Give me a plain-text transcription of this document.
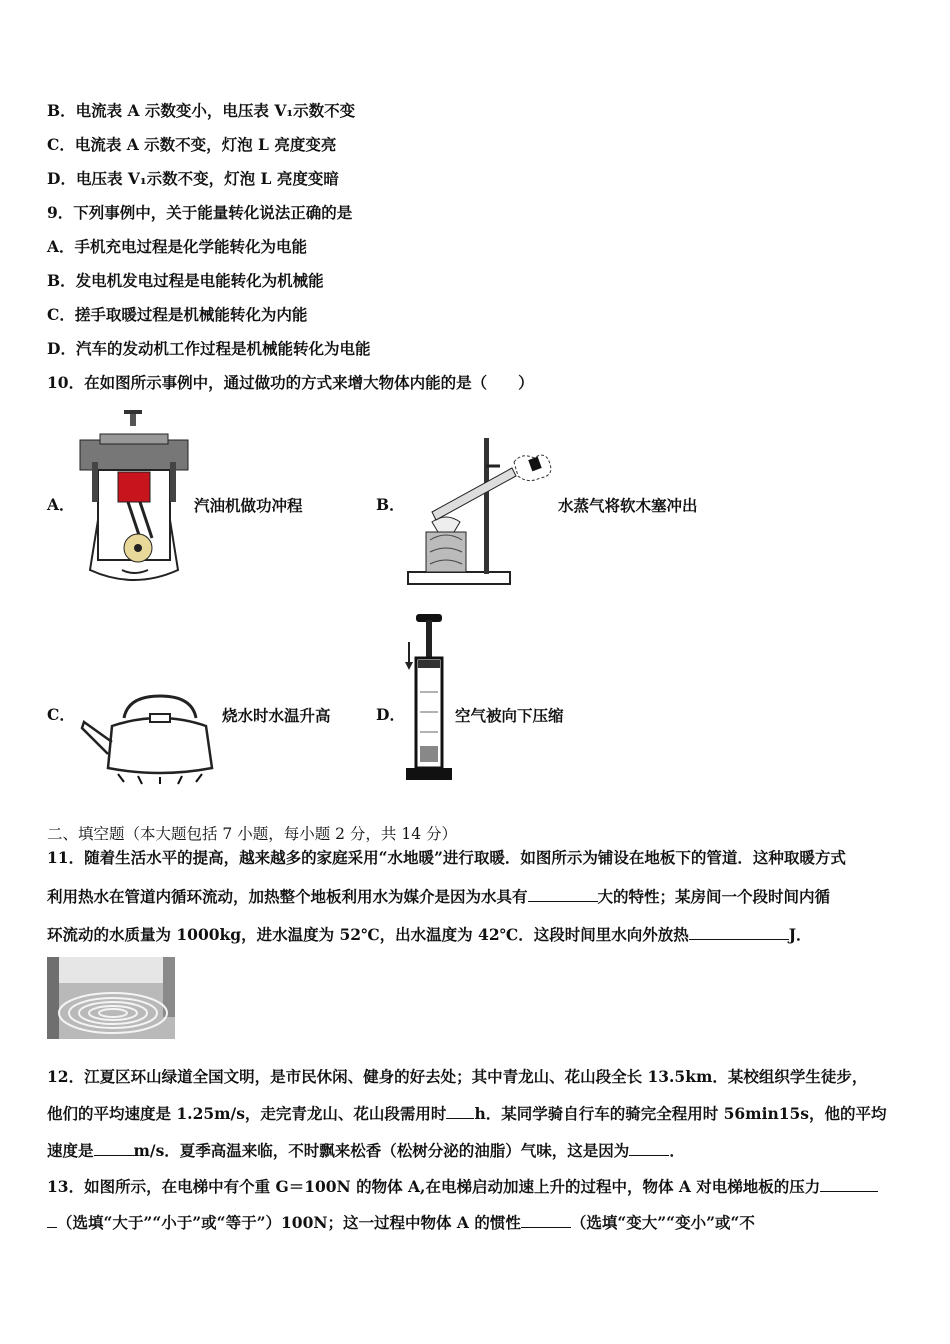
B．电流表 A 示数变小，电压表 V₁示数不变
C．电流表 A 示数不变，灯泡 L 亮度变亮
D．电压表 V₁示数不变，灯泡 L 亮度变暗
9．下列事例中，关于能量转化说法正确的是
A．手机充电过程是化学能转化为电能
B．发电机发电过程是电能转化为机械能
C．搓手取暖过程是机械能转化为内能
D．汽车的发动机工作过程是机械能转化为电能
10．在如图所示事例中，通过做功的方式来增大物体内能的是（　　）
A．	汽油机做功冲程	B．	水蒸气将软木塞冲出
C．	烧水时水温升高	D．	空气被向下压缩
二、填空题（本大题包括 7 小题，每小题 2 分，共 14 分）
11．随着生活水平的提高，越来越多的家庭采用“水地暖”进行取暖．如图所示为铺设在地板下的管道．这种取暖方式
利用热水在管道内循环流动，加热整个地板利用水为媒介是因为水具有	大的特性；某房间一个段时间内循
环流动的水质量为 1000kg，进水温度为 52℃，出水温度为 42℃．这段时间里水向外放热	J．
12．江夏区环山绿道全国文明，是市民休闲、健身的好去处；其中青龙山、花山段全长 13.5km．某校组织学生徒步，
他们的平均速度是 1.25m/s，走完青龙山、花山段需用时 h．某同学骑自行车的骑完全程用时 56min15s，他的平均
速度是	m/s．夏季高温来临，不时飘来松香（松树分泌的油脂）气味，这是因为	．
13．如图所示，在电梯中有个重 G＝100N 的物体 A,在电梯启动加速上升的过程中，物体 A 对电梯地板的压力
（选填“大于”“小于”或“等于”）100N；这一过程中物体 A 的惯性	（选填“变大”“变小”或“不
